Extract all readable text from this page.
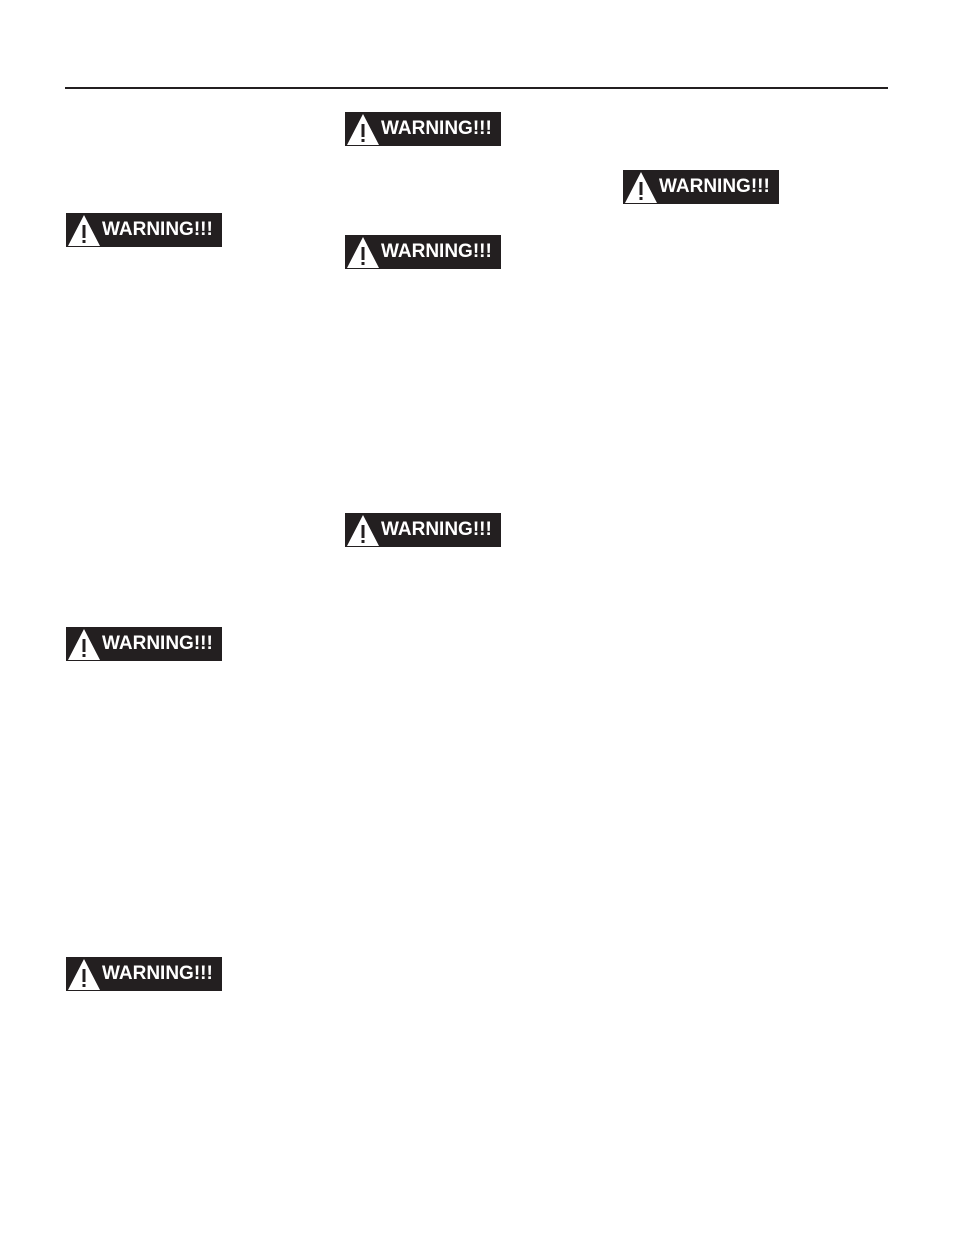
WARNING!!!
WARNING!!!
WARNING!!!
WARNING!!!
WARNING!!!
WARNING!!!
WARNING!!!
